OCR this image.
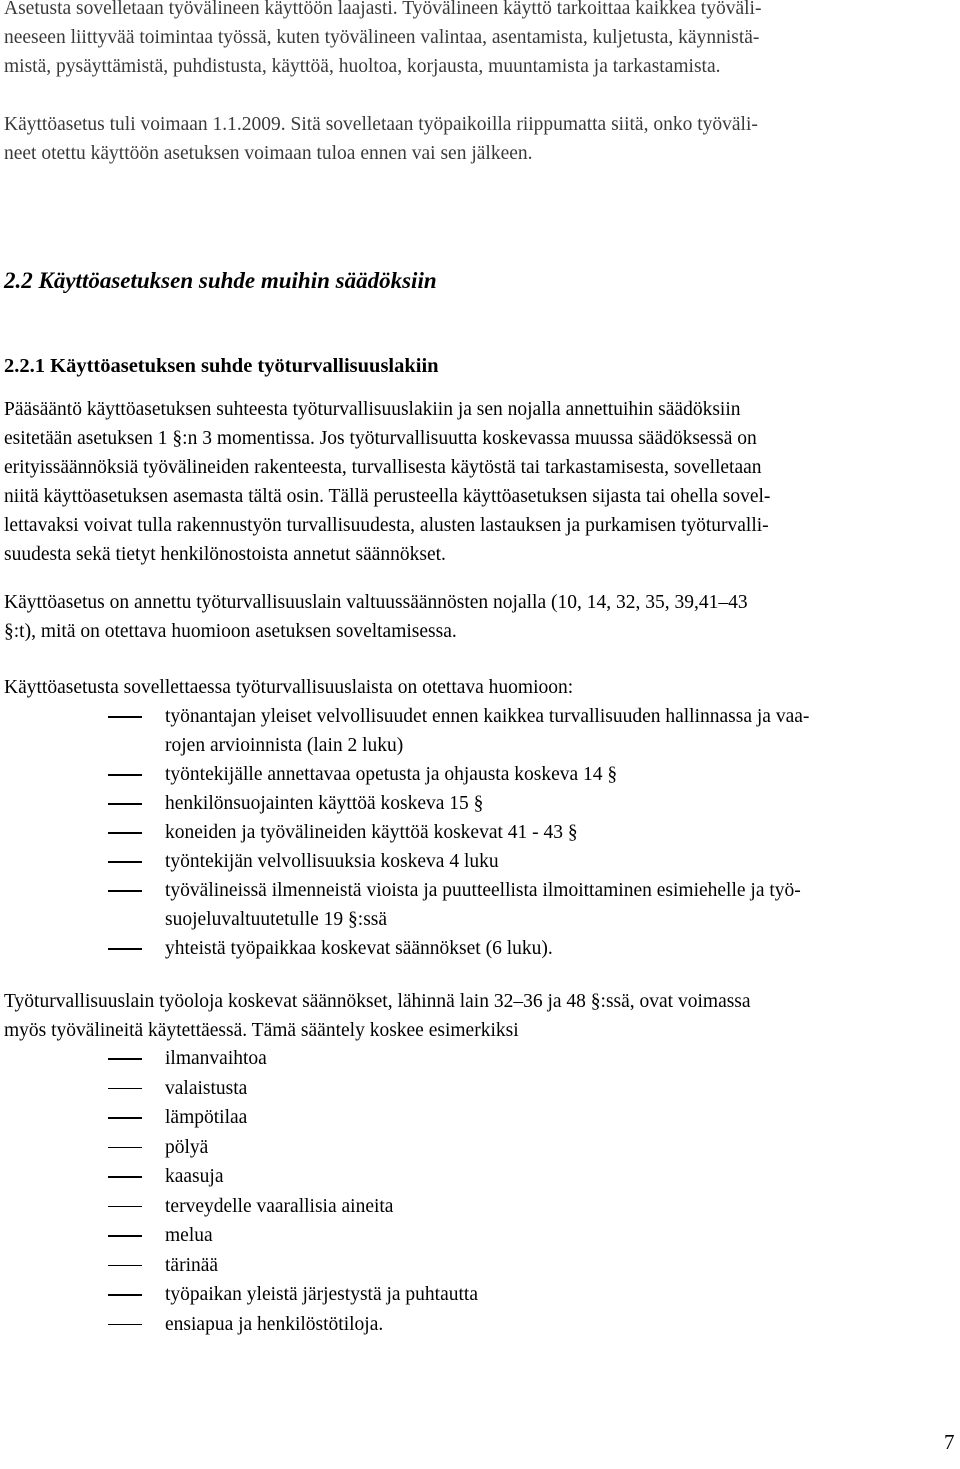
Asetusta sovelletaan työvälineen käyttöön laajasti. Työvälineen käyttö tarkoittaa kaikkea työväli-
neeseen liittyvää toimintaa työssä, kuten työvälineen valintaa, asentamista, kuljetusta, käynnistä-
mistä, pysäyttämistä, puhdistusta, käyttöä, huoltoa, korjausta, muuntamista ja tarkastamista.
Käyttöasetus tuli voimaan 1.1.2009. Sitä sovelletaan työpaikoilla riippumatta siitä, onko työväli-
neet otettu käyttöön asetuksen voimaan tuloa ennen vai sen jälkeen.
2.2 Käyttöasetuksen suhde muihin säädöksiin
2.2.1 Käyttöasetuksen suhde työturvallisuuslakiin
Pääsääntö käyttöasetuksen suhteesta työturvallisuuslakiin ja sen nojalla annettuihin säädöksiin
esitetään asetuksen 1 §:n 3 momentissa. Jos työturvallisuutta koskevassa muussa säädöksessä on
erityissäännöksiä työvälineiden rakenteesta, turvallisesta käytöstä tai tarkastamisesta, sovelletaan
niitä käyttöasetuksen asemasta tältä osin. Tällä perusteella käyttöasetuksen sijasta tai ohella sovel-
lettavaksi voivat tulla rakennustyön turvallisuudesta, alusten lastauksen ja purkamisen työturvalli-
suudesta sekä tietyt henkilönostoista annetut säännökset.
Käyttöasetus on annettu työturvallisuuslain valtuussäännösten nojalla (10, 14, 32, 35, 39,41–43
§:t), mitä on otettava huomioon asetuksen soveltamisessa.
Käyttöasetusta sovellettaessa työturvallisuuslaista on otettava huomioon:
työnantajan yleiset velvollisuudet ennen kaikkea turvallisuuden hallinnassa ja vaa-
rojen arvioinnista (lain 2 luku)
työntekijälle annettavaa opetusta ja ohjausta koskeva 14 §
henkilönsuojainten käyttöä koskeva 15 §
koneiden ja työvälineiden käyttöä koskevat 41 - 43 §
työntekijän velvollisuuksia koskeva 4 luku
työvälineissä ilmenneistä vioista ja puutteellista ilmoittaminen esimiehelle ja työ-
suojeluvaltuutetulle 19 §:ssä
yhteistä työpaikkaa koskevat säännökset (6 luku).
Työturvallisuuslain työoloja koskevat säännökset, lähinnä lain 32–36 ja 48 §:ssä, ovat voimassa
myös työvälineitä käytettäessä. Tämä sääntely koskee esimerkiksi
ilmanvaihtoa
valaistusta
lämpötilaa
pölyä
kaasuja
terveydelle vaarallisia aineita
melua
tärinää
työpaikan yleistä järjestystä ja puhtautta
ensiapua ja henkilöstötiloja.
7
